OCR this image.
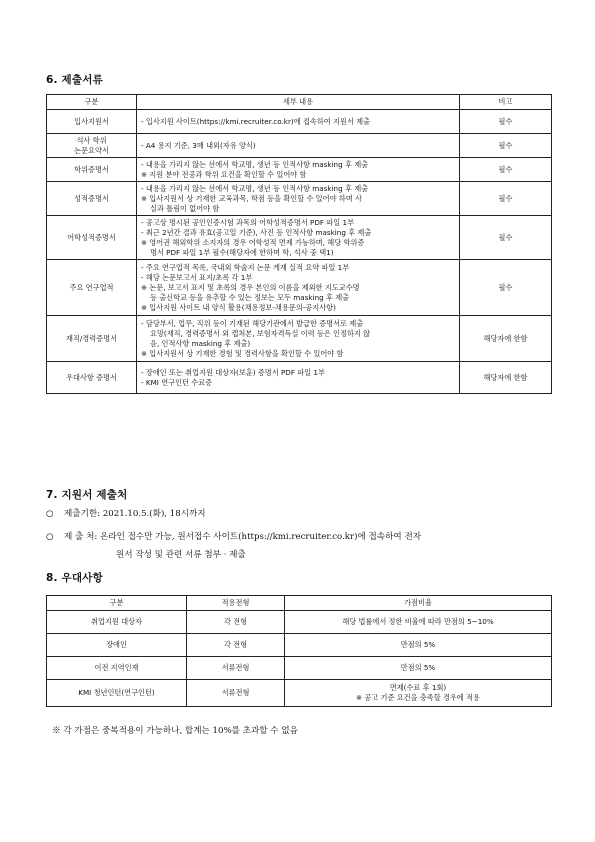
6. 제출서류
구분	세부 내용	비고
입사지원서	- 입사지원 사이트(https://kmi.recruiter.co.kr)에 접속하여 지원서 제출	필수
석사 학위
논문요약서	- A4 용지 기준, 3매 내외(자유 양식)	필수
학위증명서	- 내용을 가리지 않는 선에서 학교명, 생년 등 인적사항 masking 후 제출
※ 지원 분야 전공과 학위 요건을 확인할 수 있어야 함	필수
성적증명서	- 내용을 가리지 않는 선에서 학교명, 생년 등 인적사항 masking 후 제출
※ 입사지원서 상 기재한 교육과목, 학점 등을 확인할 수 있어야 하며 사
실과 틀림이 없어야 함	필수
어학성적증명서	- 공고상 명시된 공인인증시험 과목의 어학성적증명서 PDF 파일 1부
- 최근 2년간 결과 유효(공고일 기준), 사진 등 인적사항 masking 후 제출
※ 영어권 해외학위 소지자의 경우 어학성적 면제 가능하며, 해당 학위증
명서 PDF 파일 1부 필수(해당자에 한하며 학, 석사 중 택1)	필수
주요 연구업적	- 주요 연구업적 목록, 국내외 학술지 논문 게재 실적 요약 파일 1부
- 해당 논문보고서 표지/초록 각 1부
※ 논문, 보고서 표지 및 초록의 경우 본인의 이름을 제외한 지도교수명
등 출신학교 등을 유추할 수 있는 정보는 모두 masking 후 제출
※ 입사지원 사이트 내 양식 활용(채용정보-채용문의-공지사항)	필수
재직/경력증명서	- 담당부서, 업무, 직위 등이 기재된 해당기관에서 발급한 증명서로 제출
요망(재직, 경력증명서 외 캡쳐본, 보험자격득실 이력 등은 인정하지 않
음, 인적사항 masking 후 제출)
※ 입사지원서 상 기재한 경험 및 경력사항을 확인할 수 있어야 함	해당자에 한함
우대사항 증명서	- 장애인 또는 취업지원 대상자(보훈) 증명서 PDF 파일 1부
- KMI 연구인턴 수료증	해당자에 한함
7. 지원서 제출처
○ 제출기한: 2021.10.5.(화), 18시까지
○ 제 출 처: 온라인 접수만 가능, 원서접수 사이트(https://kmi.recruiter.co.kr)에 접속하여 전자
원서 작성 및 관련 서류 첨부 · 제출
8. 우대사항
구분	적용전형	가점비율
취업지원 대상자	각 전형	해당 법률에서 정한 비율에 따라 만점의 5~10%
장애인	각 전형	만점의 5%
이전 지역인재	서류전형	만점의 5%
KMI 청년인턴(연구인턴)	서류전형	면제(수료 후 1회)
※ 공고 기준 요건을 충족할 경우에 적용
※ 각 가점은 중복적용이 가능하나, 합계는 10%를 초과할 수 없음
